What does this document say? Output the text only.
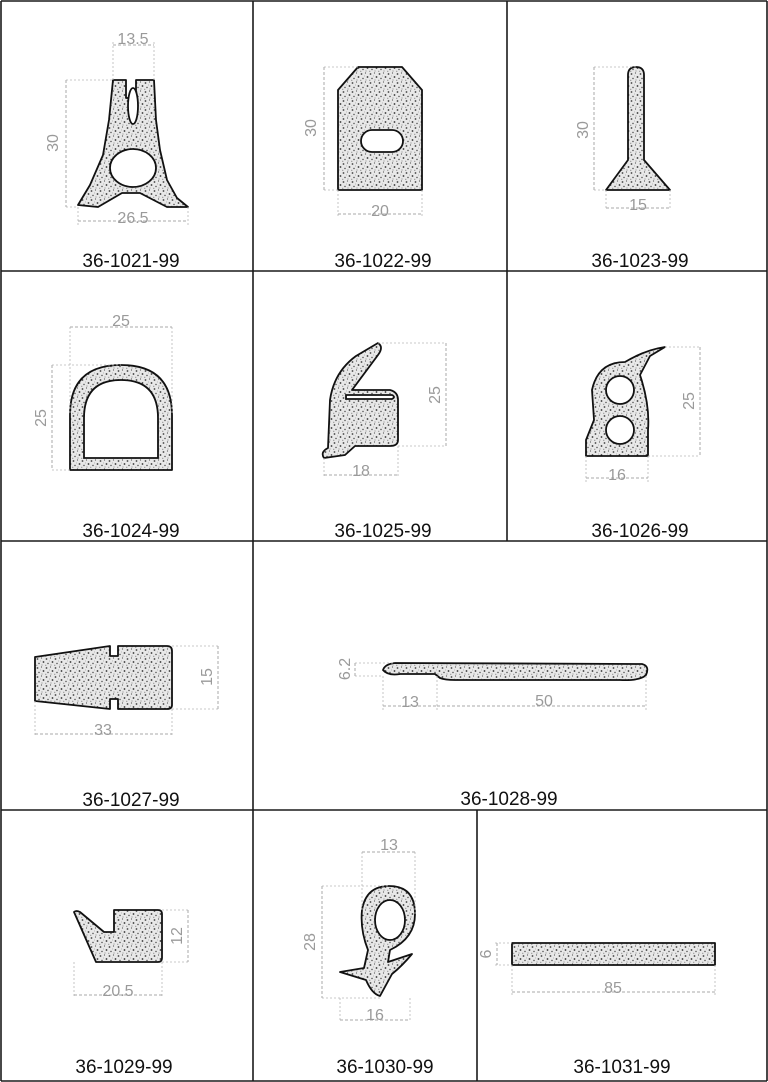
13.5
30
26.5
36-1021-99
30
20
36-1022-99
30
15
36-1023-99
25
25
36-1024-99
25
18
36-1025-99
25
16
36-1026-99
15
33
36-1027-99
6.2
13	50
36-1028-99
12
20.5
36-1029-99
13
28
16
36-1030-99
6
85
36-1031-99
